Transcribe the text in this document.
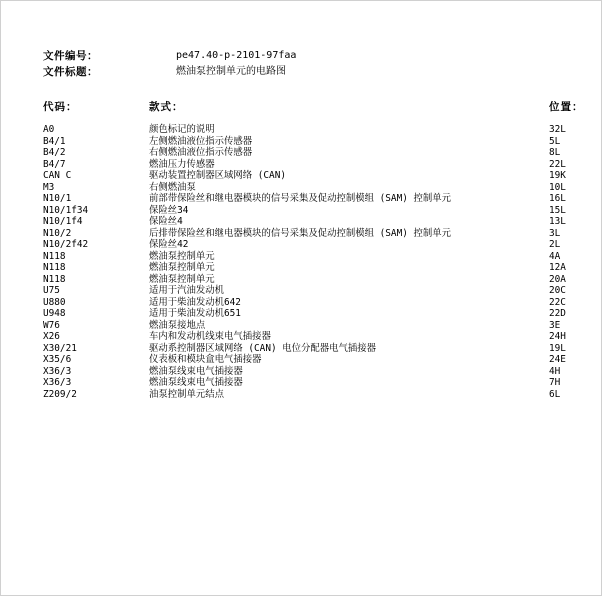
文件编号：	pe47.40-p-2101-97faa
文件标题：	燃油泵控制单元的电路图
代码：	款式：	位置：
A0	颜色标记的说明	32L
B4/1	左侧燃油液位指示传感器	5L
B4/2	右侧燃油液位指示传感器	8L
B4/7	燃油压力传感器	22L
CAN C	驱动装置控制器区域网络 (CAN)	19K
M3	右侧燃油泵	10L
N10/1	前部带保险丝和继电器模块的信号采集及促动控制模组 (SAM) 控制单元	16L
N10/1f34	保险丝34	15L
N10/1f4	保险丝4	13L
N10/2	后排带保险丝和继电器模块的信号采集及促动控制模组 (SAM) 控制单元	3L
N10/2f42	保险丝42	2L
N118	燃油泵控制单元	4A
N118	燃油泵控制单元	12A
N118	燃油泵控制单元	20A
U75	适用于汽油发动机	20C
U880	适用于柴油发动机642	22C
U948	适用于柴油发动机651	22D
W76	燃油泵接地点	3E
X26	车内和发动机线束电气插接器	24H
X30/21	驱动系控制器区域网络 (CAN) 电位分配器电气插接器	19L
X35/6	仪表板和模块盒电气插接器	24E
X36/3	燃油泵线束电气插接器	4H
X36/3	燃油泵线束电气插接器	7H
Z209/2	油泵控制单元结点	6L
